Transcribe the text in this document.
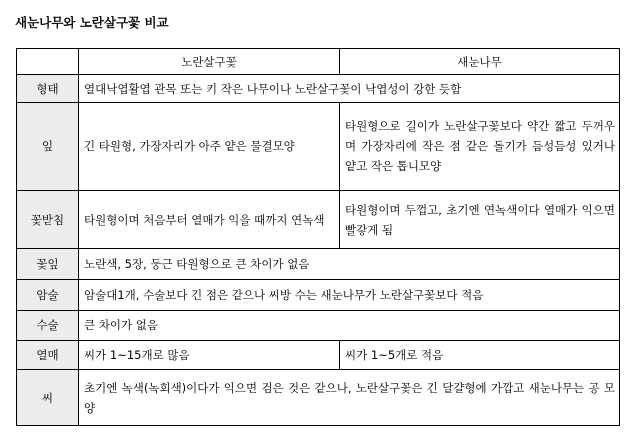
새눈나무와 노란살구꽃 비교
	노란살구꽃	새눈나무
형태	열대낙엽활엽 관목 또는 키 작은 나무이나 노란살구꽃이 낙엽성이 강한 듯함	
잎	긴 타원형, 가장자리가 아주 얕은 물결모양	타원형으로 길이가 노란살구꽃보다 약간 짧고 두꺼우며 가장자리에 작은 점 같은 돌기가 듬성듬성 있거나 얕고 작은 톱니모양
꽃받침	타원형이며 처음부터 열매가 익을 때까지 연녹색	타원형이며 두껍고, 초기엔 연녹색이다 열매가 익으면 빨갛게 됨
꽃잎	노란색, 5장, 둥근 타원형으로 큰 차이가 없음	
암술	암술대1개, 수술보다 긴 점은 같으나 씨방 수는 새눈나무가 노란살구꽃보다 적음	
수술	큰 차이가 없음	
열매	씨가 1~15개로 많음	씨가 1~5개로 적음
씨	초기엔 녹색(녹회색)이다가 익으면 검은 것은 같으나, 노란살구꽃은 긴 달걀형에 가깝고 새눈나무는 공 모양	
